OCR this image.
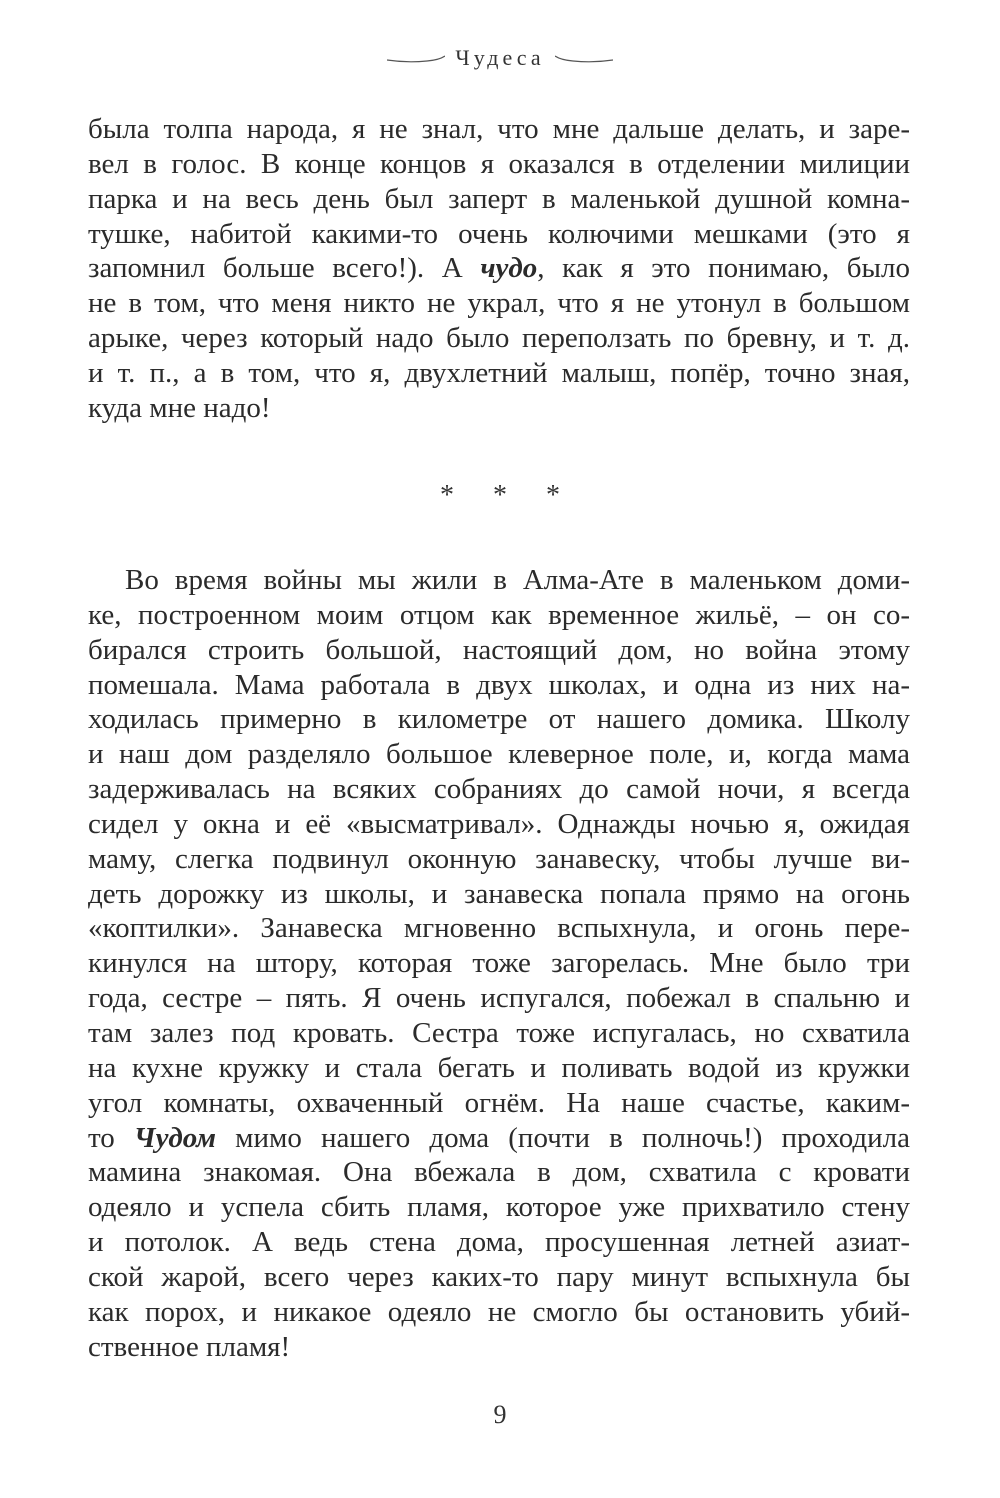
Чудеса
была толпа народа, я не знал, что мне дальше делать, и заре-
вел в голос. В конце концов я оказался в отделении милиции
парка и на весь день был заперт в маленькой душной комна-
тушке, набитой какими-то очень колючими мешками (это я
запомнил больше всего!). А чудо, как я это понимаю, было
не в том, что меня никто не украл, что я не утонул в большом
арыке, через который надо было переползать по бревну, и т. д.
и т. п., а в том, что я, двухлетний малыш, попёр, точно зная,
куда мне надо!
* * *
Во время войны мы жили в Алма-Ате в маленьком доми-
ке, построенном моим отцом как временное жильё, – он со-
бирался строить большой, настоящий дом, но война этому
помешала. Мама работала в двух школах, и одна из них на-
ходилась примерно в километре от нашего домика. Школу
и наш дом разделяло большое клеверное поле, и, когда мама
задерживалась на всяких собраниях до самой ночи, я всегда
сидел у окна и её «высматривал». Однажды ночью я, ожидая
маму, слегка подвинул оконную занавеску, чтобы лучше ви-
деть дорожку из школы, и занавеска попала прямо на огонь
«коптилки». Занавеска мгновенно вспыхнула, и огонь пере-
кинулся на штору, которая тоже загорелась. Мне было три
года, сестре – пять. Я очень испугался, побежал в спальню и
там залез под кровать. Сестра тоже испугалась, но схватила
на кухне кружку и стала бегать и поливать водой из кружки
угол комнаты, охваченный огнём. На наше счастье, каким-
то Чудом мимо нашего дома (почти в полночь!) проходила
мамина знакомая. Она вбежала в дом, схватила с кровати
одеяло и успела сбить пламя, которое уже прихватило стену
и потолок. А ведь стена дома, просушенная летней азиат-
ской жарой, всего через каких-то пару минут вспыхнула бы
как порох, и никакое одеяло не смогло бы остановить убий-
ственное пламя!
9
